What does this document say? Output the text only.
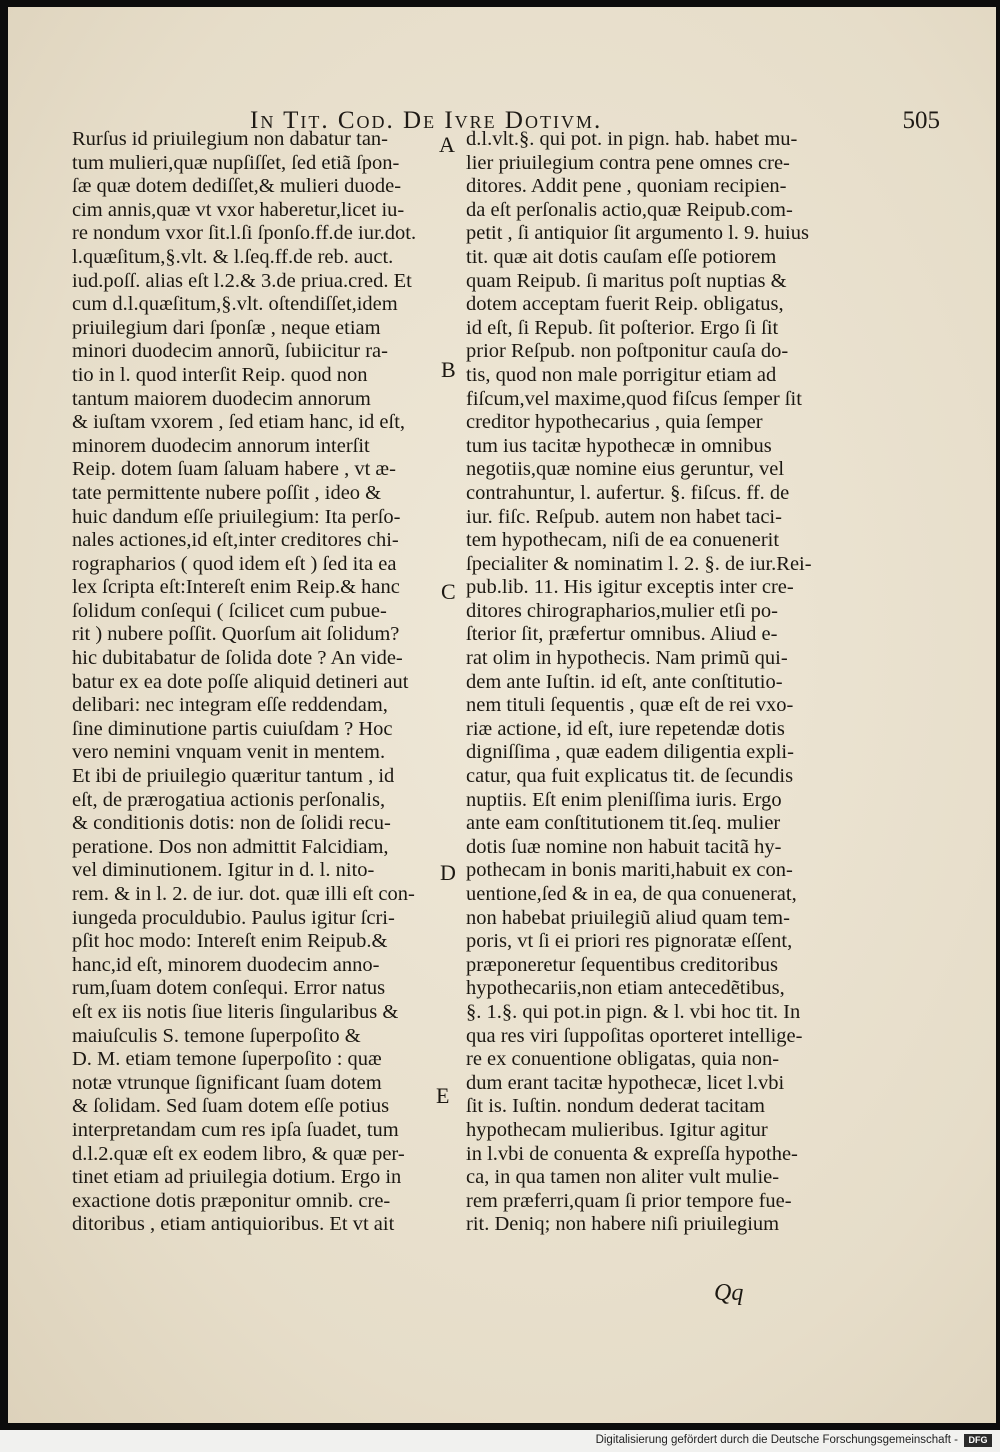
In Tit. Cod. De Ivre Dotivm.	505
Rurſus id priuilegium non dabatur tan-
tum mulieri,quæ nupſiſſet, ſed etiã ſpon-
ſæ quæ dotem dediſſet,& mulieri duode-
cim annis,quæ vt vxor haberetur,licet iu-
re nondum vxor ſit.l.ſi ſponſo.ff.de iur.dot.
l.quæſitum,§.vlt. & l.ſeq.ff.de reb. auct.
iud.poſſ. alias eſt l.2.& 3.de priua.cred. Et
cum d.l.quæſitum,§.vlt. oſtendiſſet,idem
priuilegium dari ſponſæ , neque etiam
minori duodecim annorũ, ſubiicitur ra-
tio in l. quod interſit Reip. quod non
tantum maiorem duodecim annorum
& iuſtam vxorem , ſed etiam hanc, id eſt,
minorem duodecim annorum interſit
Reip. dotem ſuam ſaluam habere , vt æ-
tate permittente nubere poſſit , ideo &
huic dandum eſſe priuilegium: Ita perſo-
nales actiones,id eſt,inter creditores chi-
rographarios ( quod idem eſt ) ſed ita ea
lex ſcripta eſt:Intereſt enim Reip.& hanc
ſolidum conſequi ( ſcilicet cum pubue-
rit ) nubere poſſit. Quorſum ait ſolidum?
hic dubitabatur de ſolida dote ? An vide-
batur ex ea dote poſſe aliquid detineri aut
delibari: nec integram eſſe reddendam,
ſine diminutione partis cuiuſdam ? Hoc
vero nemini vnquam venit in mentem.
Et ibi de priuilegio quæritur tantum , id
eſt, de prærogatiua actionis perſonalis,
& conditionis dotis: non de ſolidi recu-
peratione. Dos non admittit Falcidiam,
vel diminutionem. Igitur in d. l. nito-
rem. & in l. 2. de iur. dot. quæ illi eſt con-
iungeda proculdubio. Paulus igitur ſcri-
pſit hoc modo: Intereſt enim Reipub.&
hanc,id eſt, minorem duodecim anno-
rum,ſuam dotem conſequi. Error natus
eſt ex iis notis ſiue literis ſingularibus &
maiuſculis S. temone ſuperpoſito &
D. M. etiam temone ſuperpoſito : quæ
notæ vtrunque ſignificant ſuam dotem
& ſolidam. Sed ſuam dotem eſſe potius
interpretandam cum res ipſa ſuadet, tum
d.l.2.quæ eſt ex eodem libro, & quæ per-
tinet etiam ad priuilegia dotium. Ergo in
exactione dotis præponitur omnib. cre-
ditoribus , etiam antiquioribus. Et vt ait
d.l.vlt.§. qui pot. in pign. hab. habet mu-
lier priuilegium contra pene omnes cre-
ditores. Addit pene , quoniam recipien-
da eſt perſonalis actio,quæ Reipub.com-
petit , ſi antiquior ſit argumento l. 9. huius
tit. quæ ait dotis cauſam eſſe potiorem
quam Reipub. ſi maritus poſt nuptias &
dotem acceptam fuerit Reip. obligatus,
id eſt, ſi Repub. ſit poſterior. Ergo ſi ſit
prior Reſpub. non poſtponitur cauſa do-
tis, quod non male porrigitur etiam ad
fiſcum,vel maxime,quod fiſcus ſemper ſit
creditor hypothecarius , quia ſemper
tum ius tacitæ hypothecæ in omnibus
negotiis,quæ nomine eius geruntur, vel
contrahuntur, l. aufertur. §. fiſcus. ff. de
iur. fiſc. Reſpub. autem non habet taci-
tem hypothecam, niſi de ea conuenerit
ſpecialiter & nominatim l. 2. §. de iur.Rei-
pub.lib. 11. His igitur exceptis inter cre-
ditores chirographarios,mulier etſi po-
ſterior ſit, præfertur omnibus. Aliud e-
rat olim in hypothecis. Nam primũ qui-
dem ante Iuſtin. id eſt, ante conſtitutio-
nem tituli ſequentis , quæ eſt de rei vxo-
riæ actione, id eſt, iure repetendæ dotis
digniſſima , quæ eadem diligentia expli-
catur, qua fuit explicatus tit. de ſecundis
nuptiis. Eſt enim pleniſſima iuris. Ergo
ante eam conſtitutionem tit.ſeq. mulier
dotis ſuæ nomine non habuit tacitã hy-
pothecam in bonis mariti,habuit ex con-
uentione,ſed & in ea, de qua conuenerat,
non habebat priuilegiũ aliud quam tem-
poris, vt ſi ei priori res pignoratæ eſſent,
præponeretur ſequentibus creditoribus
hypothecariis,non etiam antecedẽtibus,
§. 1.§. qui pot.in pign. & l. vbi hoc tit. In
qua res viri ſuppoſitas oporteret intellige-
re ex conuentione obligatas, quia non-
dum erant tacitæ hypothecæ, licet l.vbi
ſit is. Iuſtin. nondum dederat tacitam
hypothecam mulieribus. Igitur agitur
in l.vbi de conuenta & expreſſa hypothe-
ca, in qua tamen non aliter vult mulie-
rem præferri,quam ſi prior tempore fue-
rit. Deniq; non habere niſi priuilegium
A
B
C
D
E
Qq
Digitalisierung gefördert durch die Deutsche Forschungsgemeinschaft -	DFG
